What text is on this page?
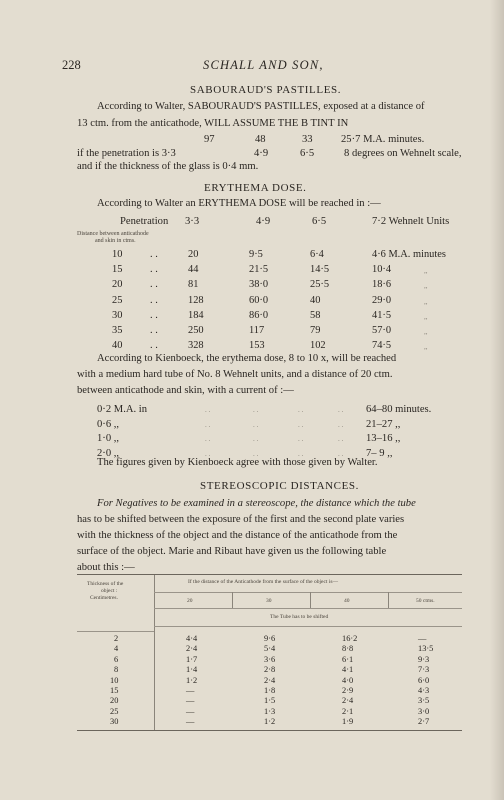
228	SCHALL AND SON,
SABOURAUD'S PASTILLES.
According to Walter, SABOURAUD'S PASTILLES, exposed at a distance of
13 ctm. from the anticathode, WILL ASSUME THE B TINT IN
97	48	33	25·7 M.A. minutes.
if the penetration is 3·3	4·9	6·5	8 degrees on Wehnelt scale,
and if the thickness of the glass is 0·4 mm.
ERYTHEMA DOSE.
According to Walter an ERYTHEMA DOSE will be reached in :—
Penetration 3·3	4·9	6·5	7·2 Wehnelt Units
Distance between anticathode
and skin in ctms.
10	. .	20	9·5	6·4	4·6 M.A. minutes
15	. .	44	21·5	14·5	10·4	,,
20	. .	81	38·0	25·5	18·6	,,
25	. .	128	60·0	40	29·0	,,
30	. .	184	86·0	58	41·5	,,
35	. .	250	117	79	57·0	,,
40	. .	328	153	102	74·5	,,
According to Kienboeck, the erythema dose, 8 to 10 x, will be reached
with a medium hard tube of No. 8 Wehnelt units, and a distance of 20 ctm.
between anticathode and skin, with a current of :—
0·2 M.A. in	. .	. .	. .	. . 64–80 minutes.
0·6 ,,	. .	. .	. .	. . 21–27 ,,
1·0 ,,	. .	. .	. .	. . 13–16 ,,
2·0 ,,	. .	. .	. .	. . 7– 9 ,,
The figures given by Kienboeck agree with those given by Walter.
STEREOSCOPIC DISTANCES.
For Negatives to be examined in a stereoscope, the distance which the tube
has to be shifted between the exposure of the first and the second plate varies
with the thickness of the object and the distance of the anticathode from the
surface of the object. Marie and Ribaut have given us the following table
about this :—
Thickness of the
object :
Centimetres.
If the distance of the Anticathode from the surface of the object is—
20	30	40	50 ctms.
The Tube has to be shifted
2	4·4	9·6	16·2	—
4	2·4	5·4	8·8	13·5
6	1·7	3·6	6·1	9·3
8	1·4	2·8	4·1	7·3
10	1·2	2·4	4·0	6·0
15	—	1·8	2·9	4·3
20	—	1·5	2·4	3·5
25	—	1·3	2·1	3·0
30	—	1·2	1·9	2·7
